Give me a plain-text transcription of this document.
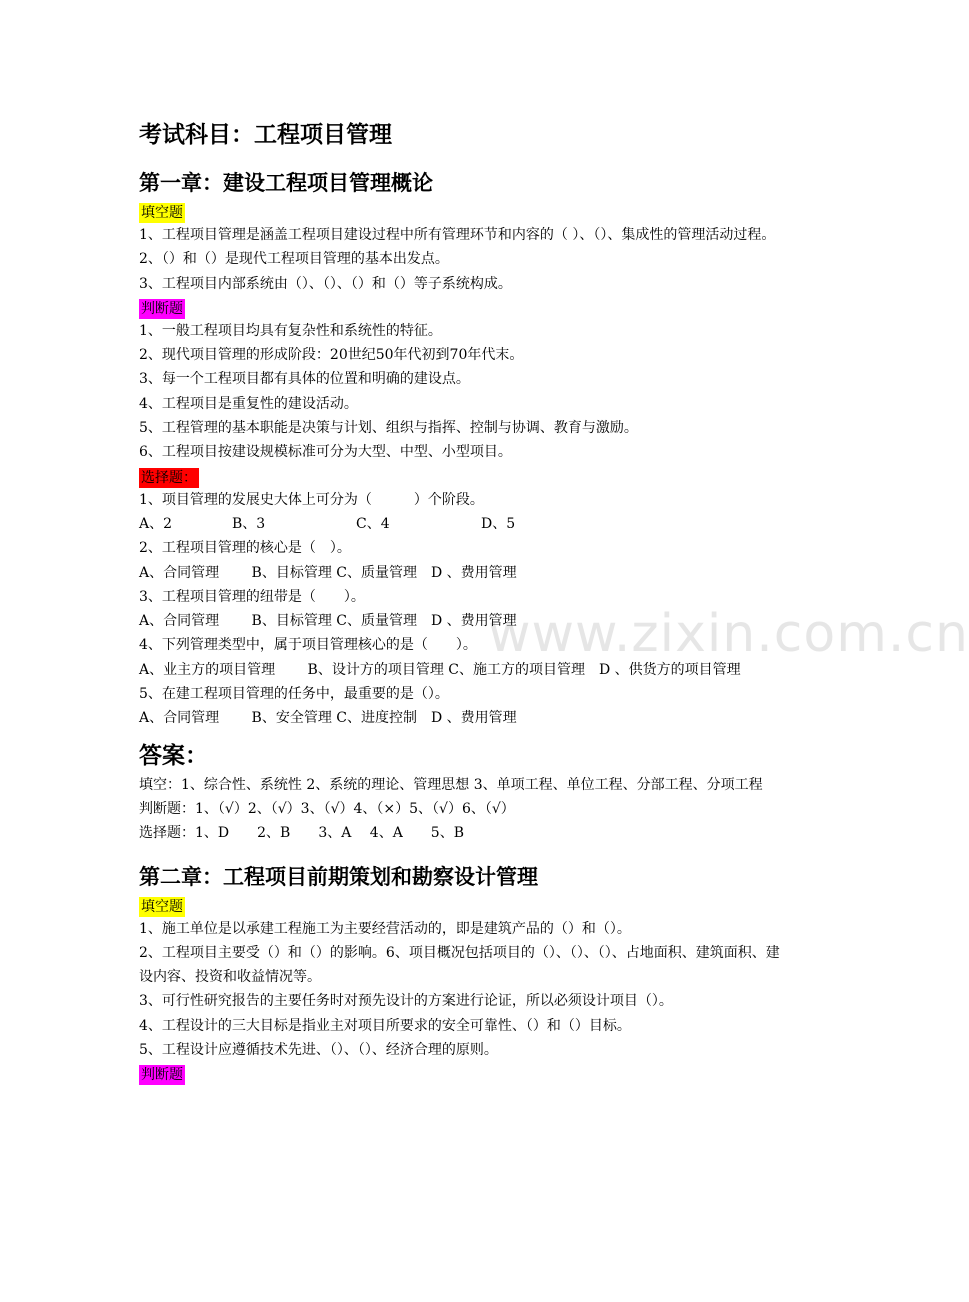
www.zixin.com.cn
考试科目：工程项目管理
第一章：建设工程项目管理概论
填空题
1、工程项目管理是涵盖工程项目建设过程中所有管理环节和内容的（ ）、（）、集成性的管理活动过程。
2、（）和（）是现代工程项目管理的基本出发点。
3、工程项目内部系统由（）、（）、（）和（）等子系统构成。
判断题
1、一般工程项目均具有复杂性和系统性的特征。
2、现代项目管理的形成阶段：20世纪50年代初到70年代末。
3、每一个工程项目都有具体的位置和明确的建设点。
4、工程项目是重复性的建设活动。
5、工程管理的基本职能是决策与计划、组织与指挥、控制与协调、教育与激励。
6、工程项目按建设规模标准可分为大型、中型、小型项目。
选择题：
1、项目管理的发展史大体上可分为（　　　）个阶段。
A、2	B、3	C、4	D、5
2、工程项目管理的核心是（　）。
A、合同管理　　 B、目标管理 C、质量管理　D 、费用管理
3、工程项目管理的纽带是（　　）。
A、合同管理　　 B、目标管理 C、质量管理　D 、费用管理
4、下列管理类型中，属于项目管理核心的是（　　）。
A、业主方的项目管理　　 B、设计方的项目管理 C、施工方的项目管理　D 、供货方的项目管理
5、在建工程项目管理的任务中，最重要的是（）。
A、合同管理　　 B、安全管理 C、进度控制　D 、费用管理
答案：
填空：1、综合性、系统性 2、系统的理论、管理思想 3、单项工程、单位工程、分部工程、分项工程
判断题：1、（√）2、（√）3、（√）4、（×）5、（√）6、（√）
选择题：1、D　　2、B　　3、A　 4、A　　5、B
第二章：工程项目前期策划和勘察设计管理
填空题
1、施工单位是以承建工程施工为主要经营活动的，即是建筑产品的（）和（）。
2、工程项目主要受（）和（）的影响。6、项目概况包括项目的（）、（）、（）、占地面积、建筑面积、建设内容、投资和收益情况等。
3、可行性研究报告的主要任务时对预先设计的方案进行论证，所以必须设计项目（）。
4、工程设计的三大目标是指业主对项目所要求的安全可靠性、（）和（）目标。
5、工程设计应遵循技术先进、（）、（）、经济合理的原则。
判断题
